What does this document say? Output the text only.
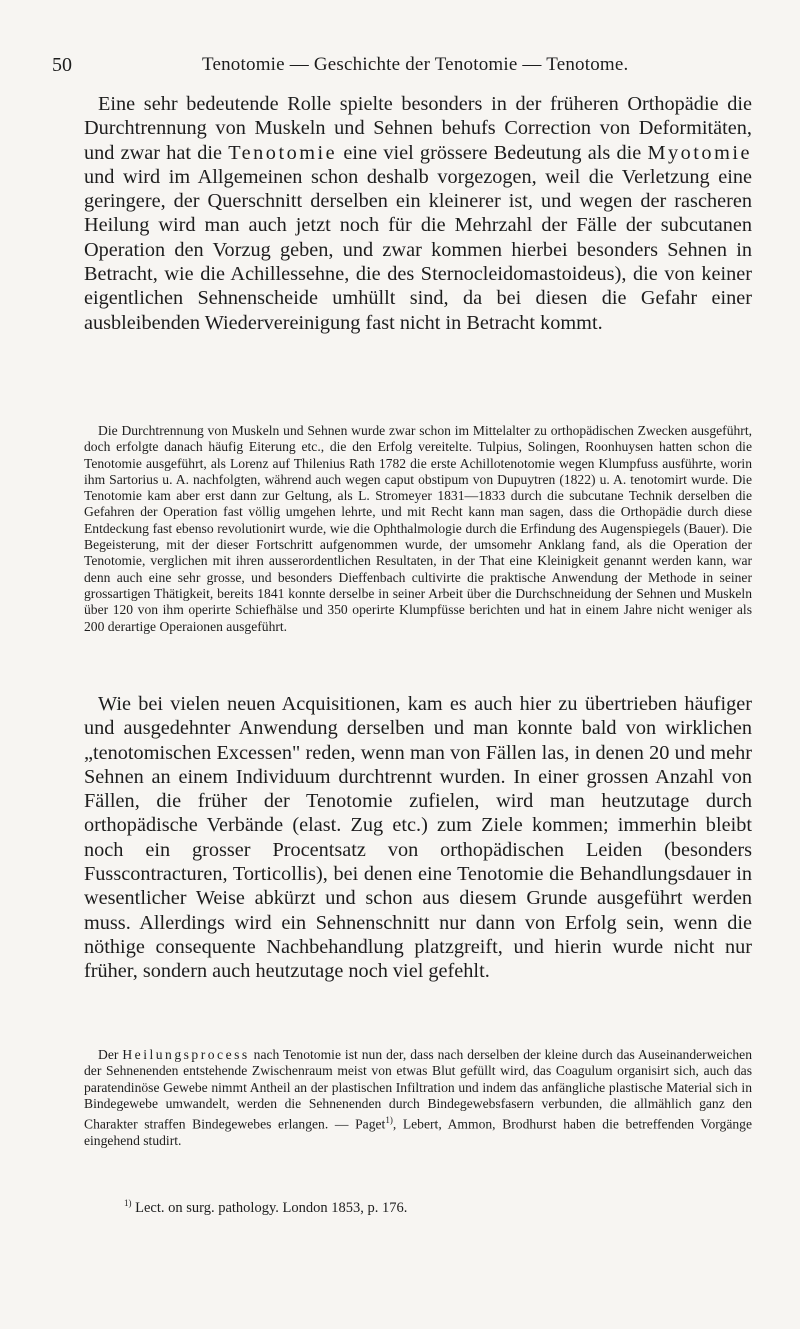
50	Tenotomie — Geschichte der Tenotomie — Tenotome.
Eine sehr bedeutende Rolle spielte besonders in der früheren Orthopädie die Durchtrennung von Muskeln und Sehnen behufs Correction von Deformitäten, und zwar hat die Tenotomie eine viel grössere Bedeutung als die Myotomie und wird im Allgemeinen schon deshalb vorgezogen, weil die Verletzung eine geringere, der Querschnitt derselben ein kleinerer ist, und wegen der rascheren Heilung wird man auch jetzt noch für die Mehrzahl der Fälle der subcutanen Operation den Vorzug geben, und zwar kommen hierbei besonders Sehnen in Betracht, wie die Achillessehne, die des Sternocleidomastoideus), die von keiner eigentlichen Sehnenscheide umhüllt sind, da bei diesen die Gefahr einer ausbleibenden Wiedervereinigung fast nicht in Betracht kommt.
Die Durchtrennung von Muskeln und Sehnen wurde zwar schon im Mittelalter zu orthopädischen Zwecken ausgeführt, doch erfolgte danach häufig Eiterung etc., die den Erfolg vereitelte. Tulpius, Solingen, Roonhuysen hatten schon die Tenotomie ausgeführt, als Lorenz auf Thilenius Rath 1782 die erste Achillotenotomie wegen Klumpfuss ausführte, worin ihm Sartorius u. A. nachfolgten, während auch wegen caput obstipum von Dupuytren (1822) u. A. tenotomirt wurde. Die Tenotomie kam aber erst dann zur Geltung, als L. Stromeyer 1831—1833 durch die subcutane Technik derselben die Gefahren der Operation fast völlig umgehen lehrte, und mit Recht kann man sagen, dass die Orthopädie durch diese Entdeckung fast ebenso revolutionirt wurde, wie die Ophthalmologie durch die Erfindung des Augenspiegels (Bauer). Die Begeisterung, mit der dieser Fortschritt aufgenommen wurde, der umsomehr Anklang fand, als die Operation der Tenotomie, verglichen mit ihren ausserordentlichen Resultaten, in der That eine Kleinigkeit genannt werden kann, war denn auch eine sehr grosse, und besonders Dieffenbach cultivirte die praktische Anwendung der Methode in seiner grossartigen Thätigkeit, bereits 1841 konnte derselbe in seiner Arbeit über die Durchschneidung der Sehnen und Muskeln über 120 von ihm operirte Schiefhälse und 350 operirte Klumpfüsse berichten und hat in einem Jahre nicht weniger als 200 derartige Operaionen ausgeführt.
Wie bei vielen neuen Acquisitionen, kam es auch hier zu übertrieben häufiger und ausgedehnter Anwendung derselben und man konnte bald von wirklichen „tenotomischen Excessen" reden, wenn man von Fällen las, in denen 20 und mehr Sehnen an einem Individuum durchtrennt wurden. In einer grossen Anzahl von Fällen, die früher der Tenotomie zufielen, wird man heutzutage durch orthopädische Verbände (elast. Zug etc.) zum Ziele kommen; immerhin bleibt noch ein grosser Procentsatz von orthopädischen Leiden (besonders Fusscontracturen, Torticollis), bei denen eine Tenotomie die Behandlungsdauer in wesentlicher Weise abkürzt und schon aus diesem Grunde ausgeführt werden muss. Allerdings wird ein Sehnenschnitt nur dann von Erfolg sein, wenn die nöthige consequente Nachbehandlung platzgreift, und hierin wurde nicht nur früher, sondern auch heutzutage noch viel gefehlt.
Der Heilungsprocess nach Tenotomie ist nun der, dass nach derselben der kleine durch das Auseinanderweichen der Sehnenenden entstehende Zwischenraum meist von etwas Blut gefüllt wird, das Coagulum organisirt sich, auch das paratendinöse Gewebe nimmt Antheil an der plastischen Infiltration und indem das anfängliche plastische Material sich in Bindegewebe umwandelt, werden die Sehnenenden durch Bindegewebsfasern verbunden, die allmählich ganz den Charakter straffen Bindegewebes erlangen. — Paget$^{1)}$, Lebert, Ammon, Brodhurst haben die betreffenden Vorgänge eingehend studirt.
$^{1)}$ Lect. on surg. pathology. London 1853, p. 176.
